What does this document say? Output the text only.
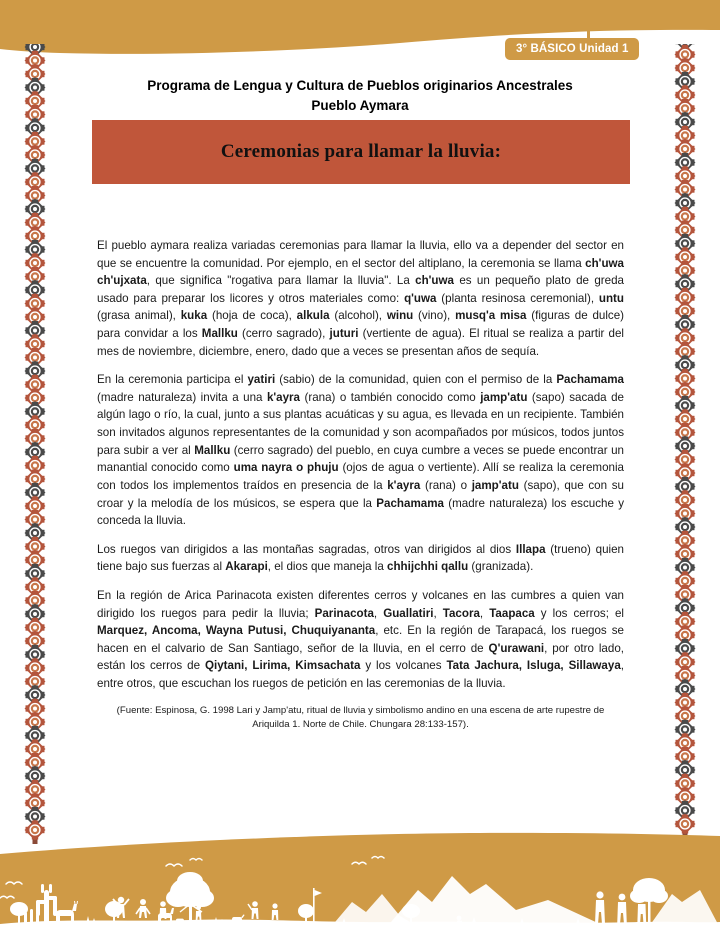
3° BÁSICO Unidad 1
Programa de Lengua y Cultura de Pueblos originarios Ancestrales
Pueblo Aymara
Ceremonias para llamar la lluvia:

El pueblo aymara realiza variadas ceremonias para llamar la lluvia, ello va a depender del sector en que se encuentre la comunidad. Por ejemplo, en el sector del altiplano, la ceremonia se llama ch'uwa ch'ujxata, que significa "rogativa para llamar la lluvia". La ch'uwa es un pequeño plato de greda usado para preparar los licores y otros materiales como: q'uwa (planta resinosa ceremonial), untu (grasa animal), kuka (hoja de coca), alkula (alcohol), winu (vino), musq'a misa (figuras de dulce) para convidar a los Mallku (cerro sagrado), juturi (vertiente de agua). El ritual se realiza a partir del mes de noviembre, diciembre, enero, dado que a veces se presentan años de sequía.

En la ceremonia participa el yatiri (sabio) de la comunidad, quien con el permiso de la Pachamama (madre naturaleza) invita a una k'ayra (rana) o también conocido como jamp'atu (sapo) sacada de algún lago o río, la cual, junto a sus plantas acuáticas y su agua, es llevada en un recipiente. También son invitados algunos representantes de la comunidad y son acompañados por músicos, todos juntos para subir a ver al Mallku (cerro sagrado) del pueblo, en cuya cumbre a veces se puede encontrar un manantial conocido como uma nayra o phuju (ojos de agua o vertiente). Allí se realiza la ceremonia con todos los implementos traídos en presencia de la k'ayra (rana) o jamp'atu (sapo), que con su croar y la melodía de los músicos, se espera que la Pachamama (madre naturaleza) los escuche y conceda la lluvia.

Los ruegos van dirigidos a las montañas sagradas, otros van dirigidos al dios Illapa (trueno) quien tiene bajo sus fuerzas al Akarapi, el dios que maneja la chhijchhi qallu (granizada).

En la región de Arica Parinacota existen diferentes cerros y volcanes en las cumbres a quien van dirigido los ruegos para pedir la lluvia; Parinacota, Guallatiri, Tacora, Taapaca y los cerros; el Marquez, Ancoma, Wayna Putusi, Chuquiyananta, etc. En la región de Tarapacá, los ruegos se hacen en el calvario de San Santiago, señor de la lluvia, en el cerro de Q'urawani, por otro lado, están los cerros de Qiytani, Lirima, Kimsachata y los volcanes Tata Jachura, Isluga, Sillawaya, entre otros, que escuchan los ruegos de petición en las ceremonias de la lluvia.

(Fuente: Espinosa, G. 1998 Lari y Jamp'atu, ritual de lluvia y simbolismo andino en una escena de arte rupestre de Ariquilda 1. Norte de Chile. Chungara 28:133-157).
